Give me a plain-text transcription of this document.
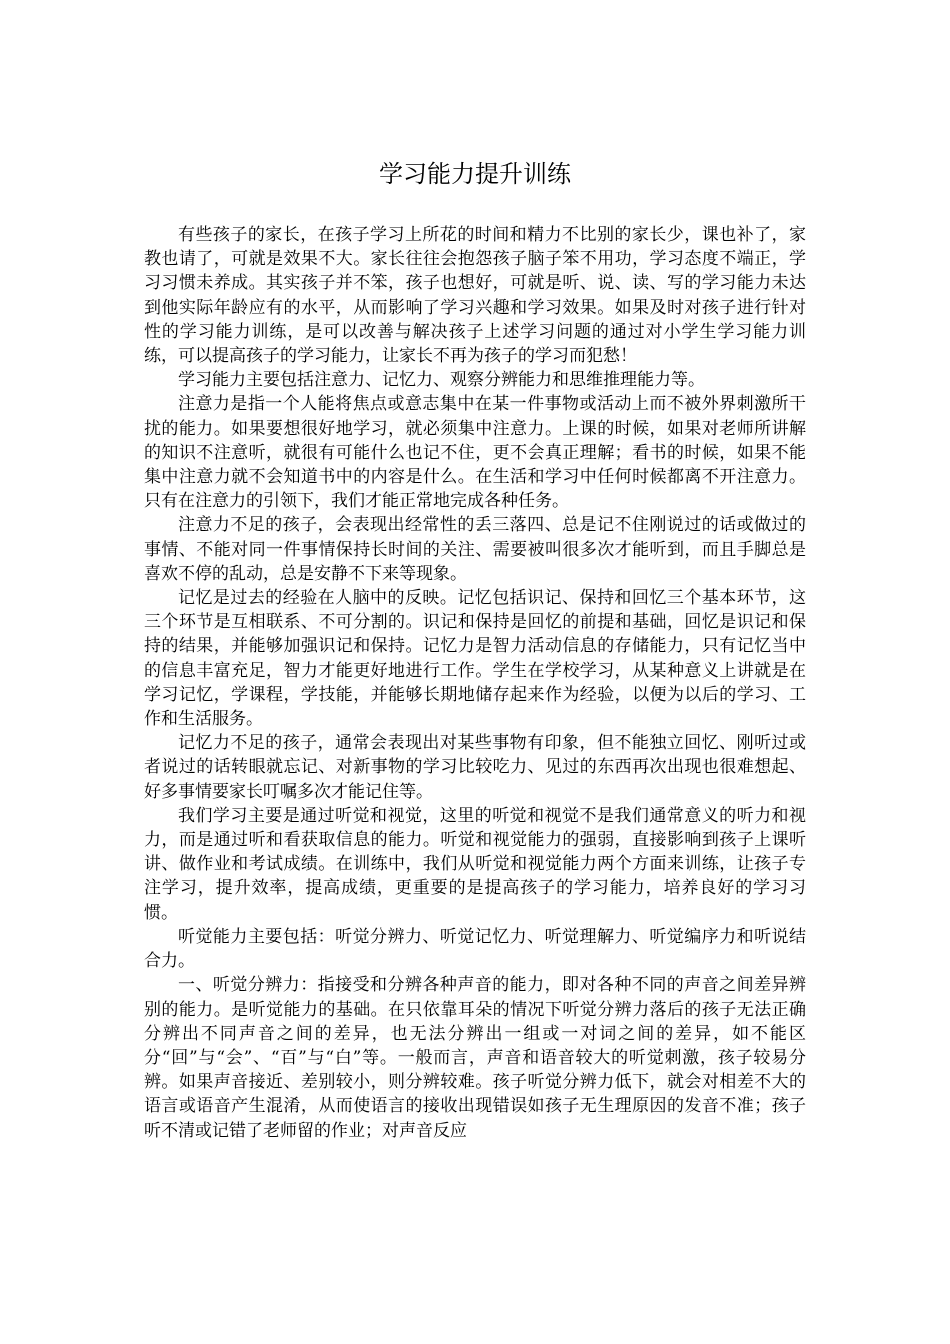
学习能力提升训练

有些孩子的家长，在孩子学习上所花的时间和精力不比别的家长少，课也补了，家教也请了，可就是效果不大。家长往往会抱怨孩子脑子笨不用功，学习态度不端正，学习习惯未养成。其实孩子并不笨，孩子也想好，可就是听、说、读、写的学习能力未达到他实际年龄应有的水平，从而影响了学习兴趣和学习效果。如果及时对孩子进行针对性的学习能力训练，是可以改善与解决孩子上述学习问题的通过对小学生学习能力训练，可以提高孩子的学习能力，让家长不再为孩子的学习而犯愁！

学习能力主要包括注意力、记忆力、观察分辨能力和思维推理能力等。

注意力是指一个人能将焦点或意志集中在某一件事物或活动上而不被外界刺激所干扰的能力。如果要想很好地学习，就必须集中注意力。上课的时候，如果对老师所讲解的知识不注意听，就很有可能什么也记不住，更不会真正理解；看书的时候，如果不能集中注意力就不会知道书中的内容是什么。在生活和学习中任何时候都离不开注意力。只有在注意力的引领下，我们才能正常地完成各种任务。

注意力不足的孩子，会表现出经常性的丢三落四、总是记不住刚说过的话或做过的事情、不能对同一件事情保持长时间的关注、需要被叫很多次才能听到，而且手脚总是喜欢不停的乱动，总是安静不下来等现象。

记忆是过去的经验在人脑中的反映。记忆包括识记、保持和回忆三个基本环节，这三个环节是互相联系、不可分割的。识记和保持是回忆的前提和基础，回忆是识记和保持的结果，并能够加强识记和保持。记忆力是智力活动信息的存储能力，只有记忆当中的信息丰富充足，智力才能更好地进行工作。学生在学校学习，从某种意义上讲就是在学习记忆，学课程，学技能，并能够长期地储存起来作为经验，以便为以后的学习、工作和生活服务。

记忆力不足的孩子，通常会表现出对某些事物有印象，但不能独立回忆、刚听过或者说过的话转眼就忘记、对新事物的学习比较吃力、见过的东西再次出现也很难想起、好多事情要家长叮嘱多次才能记住等。

我们学习主要是通过听觉和视觉，这里的听觉和视觉不是我们通常意义的听力和视力，而是通过听和看获取信息的能力。听觉和视觉能力的强弱，直接影响到孩子上课听讲、做作业和考试成绩。在训练中，我们从听觉和视觉能力两个方面来训练，让孩子专注学习，提升效率，提高成绩，更重要的是提高孩子的学习能力，培养良好的学习习惯。

听觉能力主要包括：听觉分辨力、听觉记忆力、听觉理解力、听觉编序力和听说结合力。

一、听觉分辨力：指接受和分辨各种声音的能力，即对各种不同的声音之间差异辨别的能力。是听觉能力的基础。在只依靠耳朵的情况下听觉分辨力落后的孩子无法正确分辨出不同声音之间的差异，也无法分辨出一组或一对词之间的差异，如不能区分“回”与“会”、“百”与“白”等。一般而言，声音和语音较大的听觉刺激，孩子较易分辨。如果声音接近、差别较小，则分辨较难。孩子听觉分辨力低下，就会对相差不大的语言或语音产生混淆，从而使语言的接收出现错误如孩子无生理原因的发音不准；孩子听不清或记错了老师留的作业；对声音反应
